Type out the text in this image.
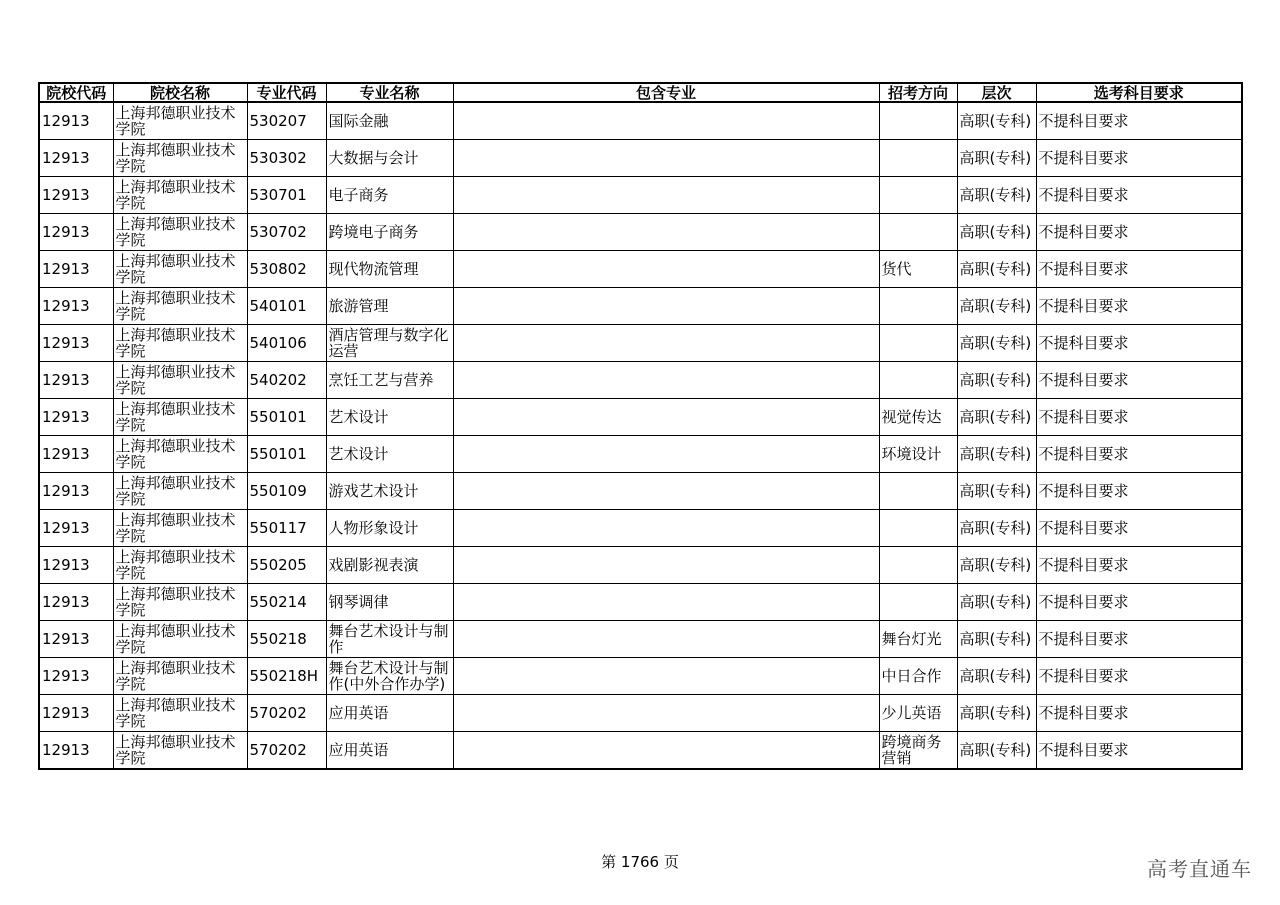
院校代码	院校名称	专业代码	专业名称	包含专业	招考方向	层次	选考科目要求
12913	上海邦德职业技术学院	530207	国际金融			高职(专科)	不提科目要求
12913	上海邦德职业技术学院	530302	大数据与会计			高职(专科)	不提科目要求
12913	上海邦德职业技术学院	530701	电子商务			高职(专科)	不提科目要求
12913	上海邦德职业技术学院	530702	跨境电子商务			高职(专科)	不提科目要求
12913	上海邦德职业技术学院	530802	现代物流管理		货代	高职(专科)	不提科目要求
12913	上海邦德职业技术学院	540101	旅游管理			高职(专科)	不提科目要求
12913	上海邦德职业技术学院	540106	酒店管理与数字化运营			高职(专科)	不提科目要求
12913	上海邦德职业技术学院	540202	烹饪工艺与营养			高职(专科)	不提科目要求
12913	上海邦德职业技术学院	550101	艺术设计		视觉传达	高职(专科)	不提科目要求
12913	上海邦德职业技术学院	550101	艺术设计		环境设计	高职(专科)	不提科目要求
12913	上海邦德职业技术学院	550109	游戏艺术设计			高职(专科)	不提科目要求
12913	上海邦德职业技术学院	550117	人物形象设计			高职(专科)	不提科目要求
12913	上海邦德职业技术学院	550205	戏剧影视表演			高职(专科)	不提科目要求
12913	上海邦德职业技术学院	550214	钢琴调律			高职(专科)	不提科目要求
12913	上海邦德职业技术学院	550218	舞台艺术设计与制作		舞台灯光	高职(专科)	不提科目要求
12913	上海邦德职业技术学院	550218H	舞台艺术设计与制作(中外合作办学)		中日合作	高职(专科)	不提科目要求
12913	上海邦德职业技术学院	570202	应用英语		少儿英语	高职(专科)	不提科目要求
12913	上海邦德职业技术学院	570202	应用英语		跨境商务营销	高职(专科)	不提科目要求
第 1766 页	高考直通车
